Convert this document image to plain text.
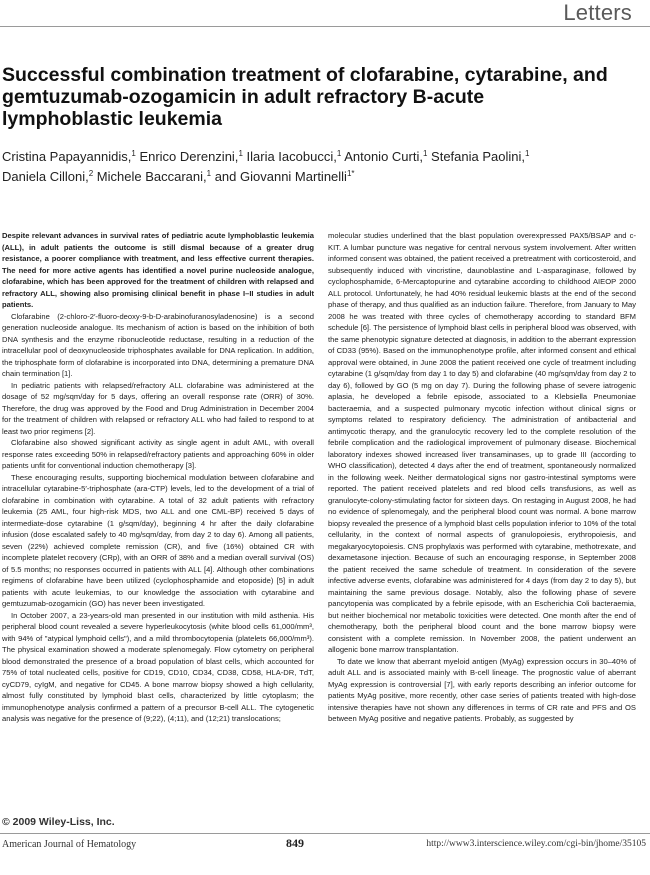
Letters
Successful combination treatment of clofarabine, cytarabine, and gemtuzumab-ozogamicin in adult refractory B-acute lymphoblastic leukemia
Cristina Papayannidis,$^1$ Enrico Derenzini,$^1$ Ilaria Iacobucci,$^1$ Antonio Curti,$^1$ Stefania Paolini,$^1$
Daniela Cilloni,$^2$ Michele Baccarani,$^1$ and Giovanni Martinelli$^{1*}$

Despite relevant advances in survival rates of pediatric acute lymphoblastic leukemia (ALL), in adult patients the outcome is still dismal because of a greater drug resistance, a poorer compliance with treatment, and less effective current therapies. The need for more active agents has identified a novel purine nucleoside analogue, clofarabine, which has been approved for the treatment of children with relapsed and refractory ALL, showing also promising clinical benefit in phase I–II studies in adult patients.

Clofarabine (2-chloro-2′-fluoro-deoxy-9-b-D-arabinofuranosyladenosine) is a second generation nucleoside analogue. Its mechanism of action is based on the inhibition of both DNA synthesis and the enzyme ribonucleotide reductase, resulting in a reduction of the intracellular pool of deoxynucleoside triphosphates available for DNA replication. In addition, the triphosphate form of clofarabine is incorporated into DNA, determining a premature DNA chain termination [1].

In pediatric patients with relapsed/refractory ALL clofarabine was administered at the dosage of 52 mg/sqm/day for 5 days, offering an overall response rate (ORR) of 30%. Therefore, the drug was approved by the Food and Drug Administration in December 2004 for the treatment of children with relapsed or refractory ALL who had failed to respond to at least two prior regimens [2].

Clofarabine also showed significant activity as single agent in adult AML, with overall response rates exceeding 50% in relapsed/refractory patients and approaching 60% in older patients unfit for conventional induction chemotherapy [3].

These encouraging results, supporting biochemical modulation between clofarabine and intracellular cytarabine-5′-triphosphate (ara-CTP) levels, led to the development of a trial of clofarabine in combination with cytarabine. A total of 32 adult patients with refractory leukemia (25 AML, four high-risk MDS, two ALL and one CML-BP) received 5 days of intermediate-dose cytarabine (1 g/sqm/day), beginning 4 hr after the daily clofarabine infusion (dose escalated safely to 40 mg/sqm/day, from day 2 to day 6). Among all patients, seven (22%) achieved complete remission (CR), and five (16%) obtained CR with incomplete platelet recovery (CRp), with an ORR of 38% and a median overall survival (OS) of 5.5 months; no responses occurred in patients with ALL [4]. Although other combinations regimens of clofarabine have been utilized (cyclophosphamide and etoposide) [5] in adult patients with acute leukemias, to our knowledge the association with cytarabine and gemtuzumab-ozogamicin (GO) has never been investigated.

In October 2007, a 23-years-old man presented in our institution with mild asthenia. His peripheral blood count revealed a severe hyperleukocytosis (white blood cells 61,000/mm³, with 94% of "atypical lymphoid cells"), and a mild thrombocytopenia (platelets 66,000/mm³). The physical examination showed a moderate splenomegaly. Flow cytometry on peripheral blood demonstrated the presence of a broad population of blast cells, which accounted for 75% of total nucleated cells, positive for CD19, CD10, CD34, CD38, CD58, HLA-DR, TdT, cyCD79, cyIgM, and negative for CD45. A bone marrow biopsy showed a high cellularity, almost fully constituted by lymphoid blast cells, characterized by little cytoplasm; the immunophenotype analysis confirmed a pattern of a precursor B-cell ALL. The cytogenetic analysis was negative for the presence of (9;22), (4;11), and (12;21) translocations;

molecular studies underlined that the blast population overexpressed PAX5/BSAP and c-KIT. A lumbar puncture was negative for central nervous system involvement. After written informed consent was obtained, the patient received a pretreatment with corticosteroid, and subsequently induced with vincristine, daunoblastine and L-asparaginase, followed by cyclophosphamide, 6-Mercaptopurine and cytarabine according to childhood AIEOP 2000 ALL protocol. Unfortunately, he had 40% residual leukemic blasts at the end of the second phase of therapy, and thus qualified as an induction failure. Therefore, from January to May 2008 he was treated with three cycles of chemotherapy according to standard BFM schedule [6]. The persistence of lymphoid blast cells in peripheral blood was observed, with the same phenotypic signature detected at diagnosis, in addition to the aberrant expression of CD33 (95%). Based on the immunophenotype profile, after informed consent and ethical approval were obtained, in June 2008 the patient received one cycle of treatment including cytarabine (1 g/sqm/day from day 1 to day 5) and clofarabine (40 mg/sqm/day from day 2 to day 6), followed by GO (5 mg on day 7). During the following phase of severe iatrogenic aplasia, he developed a febrile episode, associated to a Klebsiella Pneumoniae bacteraemia, and a suspected pulmonary mycotic infection without clinical signs or symptoms related to respiratory deficiency. The administration of antibacterial and antimycotic therapy, and the granulocytic recovery led to the complete resolution of the febrile complication and the radiological improvement of pulmonary disease. Biochemical laboratory indexes showed increased liver transaminases, up to grade III (according to WHO classification), detected 4 days after the end of treatment, spontaneously normalized in the following week. Neither dermatological signs nor gastro-intestinal symptoms were reported. The patient received platelets and red blood cells transfusions, as well as granulocyte-colony-stimulating factor for sixteen days. On restaging in August 2008, he had no evidence of splenomegaly, and the peripheral blood count was normal. A bone marrow biopsy revealed the presence of a lymphoid blast cells population inferior to 10% of the total cellularity, in the context of normal aspects of granulopoiesis, erythropoiesis, and megakaryocytopoiesis. CNS prophylaxis was performed with cytarabine, methotrexate, and dexametasone injection. Because of such an encouraging response, in September 2008 the patient received the same schedule of treatment. In consideration of the severe infective adverse events, clofarabine was administered for 4 days (from day 2 to day 5), but maintaining the same previous dosage. Notably, also the following phase of severe pancytopenia was complicated by a febrile episode, with an Escherichia Coli bacteraemia, but neither biochemical nor metabolic toxicities were detected. One month after the end of chemotherapy, both the peripheral blood count and the bone marrow biopsy were consistent with a complete remission. In November 2008, the patient underwent an allogenic bone marrow transplantation.

To date we know that aberrant myeloid antigen (MyAg) expression occurs in 30–40% of adult ALL and is associated mainly with B-cell lineage. The prognostic value of aberrant MyAg expression is controversial [7], with early reports describing an inferior outcome for patients MyAg positive, more recently, other case series of patients treated with high-dose intensive therapies have not shown any differences in terms of CR rate and PFS and OS between MyAg positive and negative patients. Probably, as suggested by

© 2009 Wiley-Liss, Inc.
American Journal of Hematology	849	http://www3.interscience.wiley.com/cgi-bin/jhome/35105
